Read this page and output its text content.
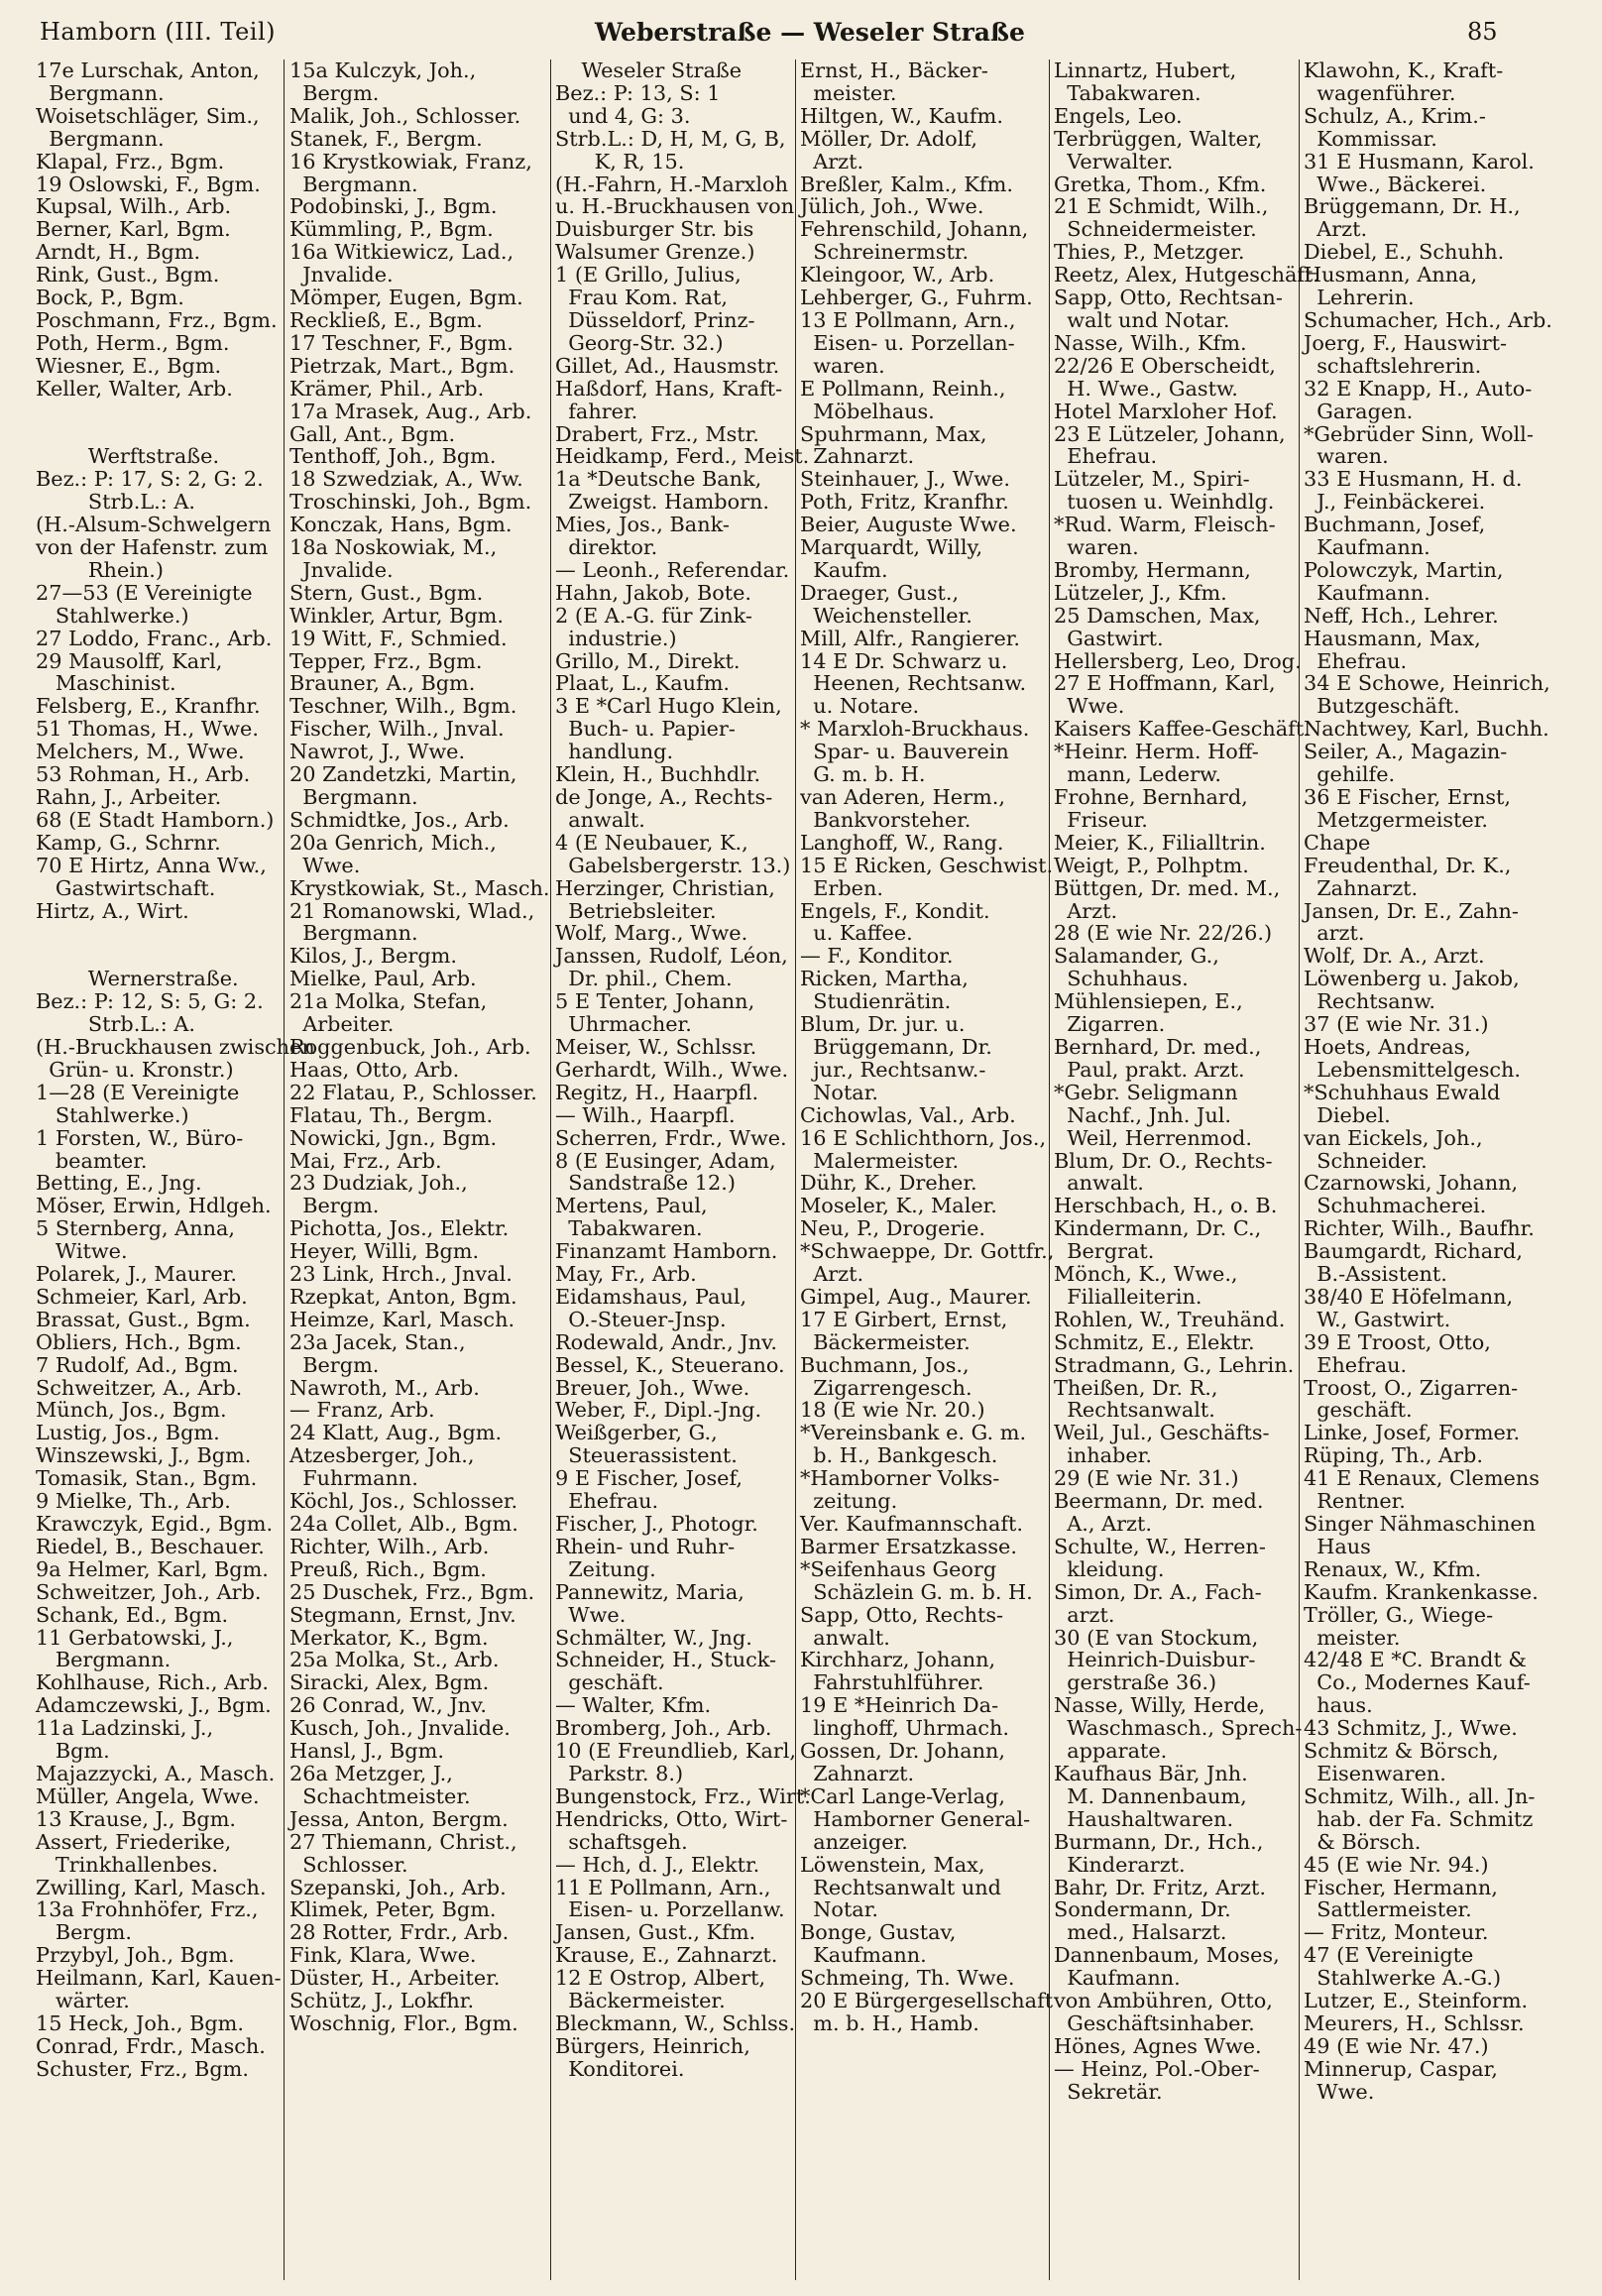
Hamborn (III. Teil)	Weberstraße — Weseler Straße	85

17e Lurschak, Anton,

Bergmann.

Woisetschläger, Sim.,

Bergmann.

Klapal, Frz., Bgm.

19 Oslowski, F., Bgm.

Kupsal, Wilh., Arb.

Berner, Karl, Bgm.

Arndt, H., Bgm.

Rink, Gust., Bgm.

Bock, P., Bgm.

Poschmann, Frz., Bgm.

Poth, Herm., Bgm.

Wiesner, E., Bgm.

Keller, Walter, Arb.

Werftstraße.

Bez.: P: 17, S: 2, G: 2.

Strb.L.: A.

(H.-Alsum-Schwelgern

von der Hafenstr. zum

Rhein.)

27—53 (E Vereinigte

Stahlwerke.)

27 Loddo, Franc., Arb.

29 Mausolff, Karl,

Maschinist.

Felsberg, E., Kranfhr.

51 Thomas, H., Wwe.

Melchers, M., Wwe.

53 Rohman, H., Arb.

Rahn, J., Arbeiter.

68 (E Stadt Hamborn.)

Kamp, G., Schrnr.

70 E Hirtz, Anna Ww.,

Gastwirtschaft.

Hirtz, A., Wirt.

Wernerstraße.

Bez.: P: 12, S: 5, G: 2.

Strb.L.: A.

(H.-Bruckhausen zwischen

Grün- u. Kronstr.)

1—28 (E Vereinigte

Stahlwerke.)

1 Forsten, W., Büro-

beamter.

Betting, E., Jng.

Möser, Erwin, Hdlgeh.

5 Sternberg, Anna,

Witwe.

Polarek, J., Maurer.

Schmeier, Karl, Arb.

Brassat, Gust., Bgm.

Obliers, Hch., Bgm.

7 Rudolf, Ad., Bgm.

Schweitzer, A., Arb.

Münch, Jos., Bgm.

Lustig, Jos., Bgm.

Winszewski, J., Bgm.

Tomasik, Stan., Bgm.

9 Mielke, Th., Arb.

Krawczyk, Egid., Bgm.

Riedel, B., Beschauer.

9a Helmer, Karl, Bgm.

Schweitzer, Joh., Arb.

Schank, Ed., Bgm.

11 Gerbatowski, J.,

Bergmann.

Kohlhause, Rich., Arb.

Adamczewski, J., Bgm.

11a Ladzinski, J.,

Bgm.

Majazzycki, A., Masch.

Müller, Angela, Wwe.

13 Krause, J., Bgm.

Assert, Friederike,

Trinkhallenbes.

Zwilling, Karl, Masch.

13a Frohnhöfer, Frz.,

Bergm.

Przybyl, Joh., Bgm.

Heilmann, Karl, Kauen-

wärter.

15 Heck, Joh., Bgm.

Conrad, Frdr., Masch.

Schuster, Frz., Bgm.

15a Kulczyk, Joh.,

Bergm.

Malik, Joh., Schlosser.

Stanek, F., Bergm.

16 Krystkowiak, Franz,

Bergmann.

Podobinski, J., Bgm.

Kümmling, P., Bgm.

16a Witkiewicz, Lad.,

Jnvalide.

Mömper, Eugen, Bgm.

Reckließ, E., Bgm.

17 Teschner, F., Bgm.

Pietrzak, Mart., Bgm.

Krämer, Phil., Arb.

17a Mrasek, Aug., Arb.

Gall, Ant., Bgm.

Tenthoff, Joh., Bgm.

18 Szwedziak, A., Ww.

Troschinski, Joh., Bgm.

Konczak, Hans, Bgm.

18a Noskowiak, M.,

Jnvalide.

Stern, Gust., Bgm.

Winkler, Artur, Bgm.

19 Witt, F., Schmied.

Tepper, Frz., Bgm.

Brauner, A., Bgm.

Teschner, Wilh., Bgm.

Fischer, Wilh., Jnval.

Nawrot, J., Wwe.

20 Zandetzki, Martin,

Bergmann.

Schmidtke, Jos., Arb.

20a Genrich, Mich.,

Wwe.

Krystkowiak, St., Masch.

21 Romanowski, Wlad.,

Bergmann.

Kilos, J., Bergm.

Mielke, Paul, Arb.

21a Molka, Stefan,

Arbeiter.

Roggenbuck, Joh., Arb.

Haas, Otto, Arb.

22 Flatau, P., Schlosser.

Flatau, Th., Bergm.

Nowicki, Jgn., Bgm.

Mai, Frz., Arb.

23 Dudziak, Joh.,

Bergm.

Pichotta, Jos., Elektr.

Heyer, Willi, Bgm.

23 Link, Hrch., Jnval.

Rzepkat, Anton, Bgm.

Heimze, Karl, Masch.

23a Jacek, Stan.,

Bergm.

Nawroth, M., Arb.

— Franz, Arb.

24 Klatt, Aug., Bgm.

Atzesberger, Joh.,

Fuhrmann.

Köchl, Jos., Schlosser.

24a Collet, Alb., Bgm.

Richter, Wilh., Arb.

Preuß, Rich., Bgm.

25 Duschek, Frz., Bgm.

Stegmann, Ernst, Jnv.

Merkator, K., Bgm.

25a Molka, St., Arb.

Siracki, Alex, Bgm.

26 Conrad, W., Jnv.

Kusch, Joh., Jnvalide.

Hansl, J., Bgm.

26a Metzger, J.,

Schachtmeister.

Jessa, Anton, Bergm.

27 Thiemann, Christ.,

Schlosser.

Szepanski, Joh., Arb.

Klimek, Peter, Bgm.

28 Rotter, Frdr., Arb.

Fink, Klara, Wwe.

Düster, H., Arbeiter.

Schütz, J., Lokfhr.

Woschnig, Flor., Bgm.

Weseler Straße

Bez.: P: 13, S: 1

und 4, G: 3.

Strb.L.: D, H, M, G, B,

K, R, 15.

(H.-Fahrn, H.-Marxloh

u. H.-Bruckhausen von

Duisburger Str. bis

Walsumer Grenze.)

1 (E Grillo, Julius,

Frau Kom. Rat,

Düsseldorf, Prinz-

Georg-Str. 32.)

Gillet, Ad., Hausmstr.

Haßdorf, Hans, Kraft-

fahrer.

Drabert, Frz., Mstr.

Heidkamp, Ferd., Meist.

1a *Deutsche Bank,

Zweigst. Hamborn.

Mies, Jos., Bank-

direktor.

— Leonh., Referendar.

Hahn, Jakob, Bote.

2 (E A.-G. für Zink-

industrie.)

Grillo, M., Direkt.

Plaat, L., Kaufm.

3 E *Carl Hugo Klein,

Buch- u. Papier-

handlung.

Klein, H., Buchhdlr.

de Jonge, A., Rechts-

anwalt.

4 (E Neubauer, K.,

Gabelsbergerstr. 13.)

Herzinger, Christian,

Betriebsleiter.

Wolf, Marg., Wwe.

Janssen, Rudolf, Léon,

Dr. phil., Chem.

5 E Tenter, Johann,

Uhrmacher.

Meiser, W., Schlssr.

Gerhardt, Wilh., Wwe.

Regitz, H., Haarpfl.

— Wilh., Haarpfl.

Scherren, Frdr., Wwe.

8 (E Eusinger, Adam,

Sandstraße 12.)

Mertens, Paul,

Tabakwaren.

Finanzamt Hamborn.

May, Fr., Arb.

Eidamshaus, Paul,

O.-Steuer-Jnsp.

Rodewald, Andr., Jnv.

Bessel, K., Steuerano.

Breuer, Joh., Wwe.

Weber, F., Dipl.-Jng.

Weißgerber, G.,

Steuerassistent.

9 E Fischer, Josef,

Ehefrau.

Fischer, J., Photogr.

Rhein- und Ruhr-

Zeitung.

Pannewitz, Maria,

Wwe.

Schmälter, W., Jng.

Schneider, H., Stuck-

geschäft.

— Walter, Kfm.

Bromberg, Joh., Arb.

10 (E Freundlieb, Karl,

Parkstr. 8.)

Bungenstock, Frz., Wirt.

Hendricks, Otto, Wirt-

schaftsgeh.

— Hch, d. J., Elektr.

11 E Pollmann, Arn.,

Eisen- u. Porzellanw.

Jansen, Gust., Kfm.

Krause, E., Zahnarzt.

12 E Ostrop, Albert,

Bäckermeister.

Bleckmann, W., Schlss.

Bürgers, Heinrich,

Konditorei.

Ernst, H., Bäcker-

meister.

Hiltgen, W., Kaufm.

Möller, Dr. Adolf,

Arzt.

Breßler, Kalm., Kfm.

Jülich, Joh., Wwe.

Fehrenschild, Johann,

Schreinermstr.

Kleingoor, W., Arb.

Lehberger, G., Fuhrm.

13 E Pollmann, Arn.,

Eisen- u. Porzellan-

waren.

E Pollmann, Reinh.,

Möbelhaus.

Spuhrmann, Max,

Zahnarzt.

Steinhauer, J., Wwe.

Poth, Fritz, Kranfhr.

Beier, Auguste Wwe.

Marquardt, Willy,

Kaufm.

Draeger, Gust.,

Weichensteller.

Mill, Alfr., Rangierer.

14 E Dr. Schwarz u.

Heenen, Rechtsanw.

u. Notare.

* Marxloh-Bruckhaus.

Spar- u. Bauverein

G. m. b. H.

van Aderen, Herm.,

Bankvorsteher.

Langhoff, W., Rang.

15 E Ricken, Geschwist.

Erben.

Engels, F., Kondit.

u. Kaffee.

— F., Konditor.

Ricken, Martha,

Studienrätin.

Blum, Dr. jur. u.

Brüggemann, Dr.

jur., Rechtsanw.-

Notar.

Cichowlas, Val., Arb.

16 E Schlichthorn, Jos.,

Malermeister.

Dühr, K., Dreher.

Moseler, K., Maler.

Neu, P., Drogerie.

*Schwaeppe, Dr. Gottfr.,

Arzt.

Gimpel, Aug., Maurer.

17 E Girbert, Ernst,

Bäckermeister.

Buchmann, Jos.,

Zigarrengesch.

18 (E wie Nr. 20.)

*Vereinsbank e. G. m.

b. H., Bankgesch.

*Hamborner Volks-

zeitung.

Ver. Kaufmannschaft.

Barmer Ersatzkasse.

*Seifenhaus Georg

Schäzlein G. m. b. H.

Sapp, Otto, Rechts-

anwalt.

Kirchharz, Johann,

Fahrstuhlführer.

19 E *Heinrich Da-

linghoff, Uhrmach.

Gossen, Dr. Johann,

Zahnarzt.

*Carl Lange-Verlag,

Hamborner General-

anzeiger.

Löwenstein, Max,

Rechtsanwalt und

Notar.

Bonge, Gustav,

Kaufmann.

Schmeing, Th. Wwe.

20 E Bürgergesellschaft

m. b. H., Hamb.

Linnartz, Hubert,

Tabakwaren.

Engels, Leo.

Terbrüggen, Walter,

Verwalter.

Gretka, Thom., Kfm.

21 E Schmidt, Wilh.,

Schneidermeister.

Thies, P., Metzger.

Reetz, Alex, Hutgeschäft.

Sapp, Otto, Rechtsan-

walt und Notar.

Nasse, Wilh., Kfm.

22/26 E Oberscheidt,

H. Wwe., Gastw.

Hotel Marxloher Hof.

23 E Lützeler, Johann,

Ehefrau.

Lützeler, M., Spiri-

tuosen u. Weinhdlg.

*Rud. Warm, Fleisch-

waren.

Bromby, Hermann,

Lützeler, J., Kfm.

25 Damschen, Max,

Gastwirt.

Hellersberg, Leo, Drog.

27 E Hoffmann, Karl,

Wwe.

Kaisers Kaffee-Geschäft.

*Heinr. Herm. Hoff-

mann, Lederw.

Frohne, Bernhard,

Friseur.

Meier, K., Filialltrin.

Weigt, P., Polhptm.

Büttgen, Dr. med. M.,

Arzt.

28 (E wie Nr. 22/26.)

Salamander, G.,

Schuhhaus.

Mühlensiepen, E.,

Zigarren.

Bernhard, Dr. med.,

Paul, prakt. Arzt.

*Gebr. Seligmann

Nachf., Jnh. Jul.

Weil, Herrenmod.

Blum, Dr. O., Rechts-

anwalt.

Herschbach, H., o. B.

Kindermann, Dr. C.,

Bergrat.

Mönch, K., Wwe.,

Filialleiterin.

Rohlen, W., Treuhänd.

Schmitz, E., Elektr.

Stradmann, G., Lehrin.

Theißen, Dr. R.,

Rechtsanwalt.

Weil, Jul., Geschäfts-

inhaber.

29 (E wie Nr. 31.)

Beermann, Dr. med.

A., Arzt.

Schulte, W., Herren-

kleidung.

Simon, Dr. A., Fach-

arzt.

30 (E van Stockum,

Heinrich-Duisbur-

gerstraße 36.)

Nasse, Willy, Herde,

Waschmasch., Sprech-

apparate.

Kaufhaus Bär, Jnh.

M. Dannenbaum,

Haushaltwaren.

Burmann, Dr., Hch.,

Kinderarzt.

Bahr, Dr. Fritz, Arzt.

Sondermann, Dr.

med., Halsarzt.

Dannenbaum, Moses,

Kaufmann.

von Ambühren, Otto,

Geschäftsinhaber.

Hönes, Agnes Wwe.

— Heinz, Pol.-Ober-

Sekretär.

Klawohn, K., Kraft-

wagenführer.

Schulz, A., Krim.-

Kommissar.

31 E Husmann, Karol.

Wwe., Bäckerei.

Brüggemann, Dr. H.,

Arzt.

Diebel, E., Schuhh.

Husmann, Anna,

Lehrerin.

Schumacher, Hch., Arb.

Joerg, F., Hauswirt-

schaftslehrerin.

32 E Knapp, H., Auto-

Garagen.

*Gebrüder Sinn, Woll-

waren.

33 E Husmann, H. d.

J., Feinbäckerei.

Buchmann, Josef,

Kaufmann.

Polowczyk, Martin,

Kaufmann.

Neff, Hch., Lehrer.

Hausmann, Max,

Ehefrau.

34 E Schowe, Heinrich,

Butzgeschäft.

Nachtwey, Karl, Buchh.

Seiler, A., Magazin-

gehilfe.

36 E Fischer, Ernst,

Metzgermeister.

Chape

Freudenthal, Dr. K.,

Zahnarzt.

Jansen, Dr. E., Zahn-

arzt.

Wolf, Dr. A., Arzt.

Löwenberg u. Jakob,

Rechtsanw.

37 (E wie Nr. 31.)

Hoets, Andreas,

Lebensmittelgesch.

*Schuhhaus Ewald

Diebel.

van Eickels, Joh.,

Schneider.

Czarnowski, Johann,

Schuhmacherei.

Richter, Wilh., Baufhr.

Baumgardt, Richard,

B.-Assistent.

38/40 E Höfelmann,

W., Gastwirt.

39 E Troost, Otto,

Ehefrau.

Troost, O., Zigarren-

geschäft.

Linke, Josef, Former.

Rüping, Th., Arb.

41 E Renaux, Clemens

Rentner.

Singer Nähmaschinen

Haus

Renaux, W., Kfm.

Kaufm. Krankenkasse.

Tröller, G., Wiege-

meister.

42/48 E *C. Brandt &

Co., Modernes Kauf-

haus.

43 Schmitz, J., Wwe.

Schmitz & Börsch,

Eisenwaren.

Schmitz, Wilh., all. Jn-

hab. der Fa. Schmitz

& Börsch.

45 (E wie Nr. 94.)

Fischer, Hermann,

Sattlermeister.

— Fritz, Monteur.

47 (E Vereinigte

Stahlwerke A.-G.)

Lutzer, E., Steinform.

Meurers, H., Schlssr.

49 (E wie Nr. 47.)

Minnerup, Caspar,

Wwe.
